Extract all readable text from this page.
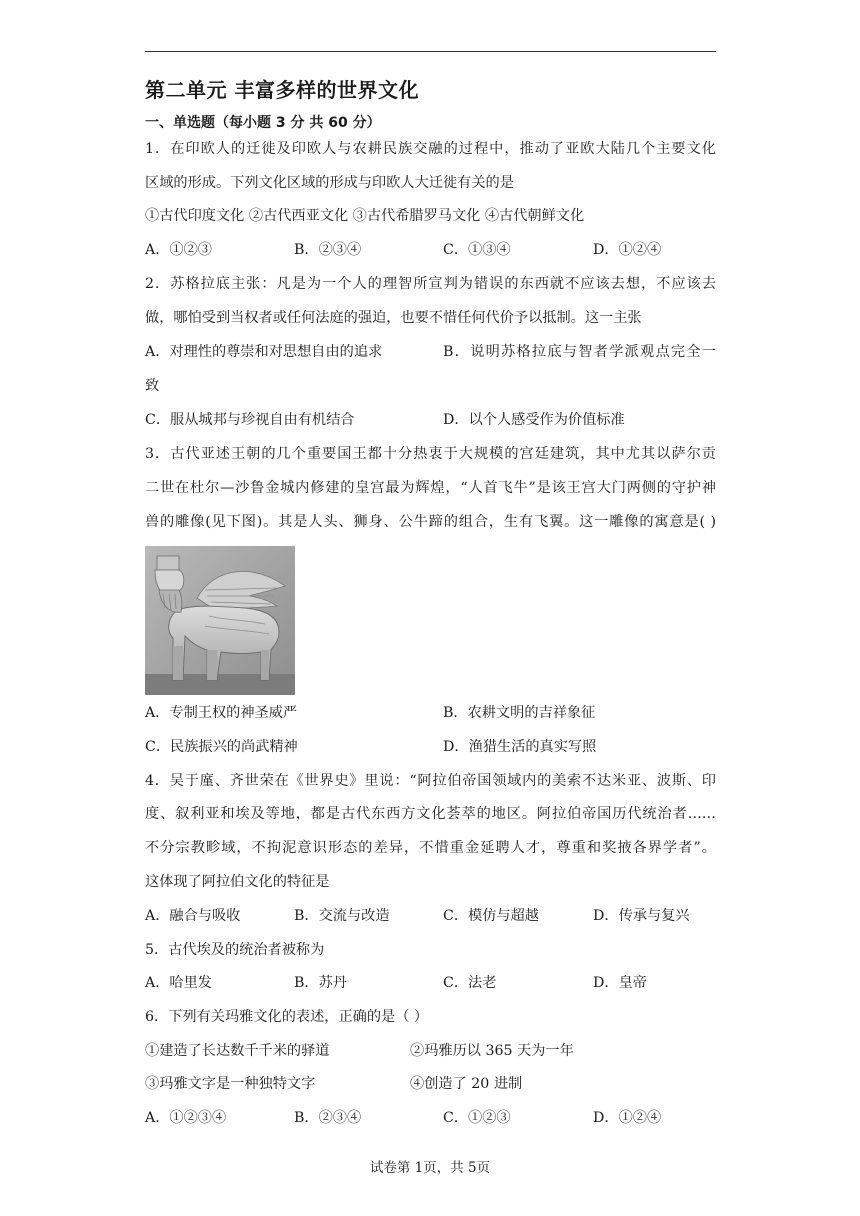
第二单元 丰富多样的世界文化
一、单选题（每小题 3 分 共 60 分）
1．在印欧人的迁徙及印欧人与农耕民族交融的过程中，推动了亚欧大陆几个主要文化
区域的形成。下列文化区域的形成与印欧人大迁徙有关的是
①古代印度文化 ②古代西亚文化 ③古代希腊罗马文化 ④古代朝鲜文化
A．①②③	B．②③④	C．①③④	D．①②④
2．苏格拉底主张：凡是为一个人的理智所宣判为错误的东西就不应该去想，不应该去
做，哪怕受到当权者或任何法庭的强迫，也要不惜任何代价予以抵制。这一主张
A．对理性的尊崇和对思想自由的追求	B．说明苏格拉底与智者学派观点完全一
致
C．服从城邦与珍视自由有机结合	D．以个人感受作为价值标准
3．古代亚述王朝的几个重要国王都十分热衷于大规模的宫廷建筑，其中尤其以萨尔贡
二世在杜尔—沙鲁金城内修建的皇宫最为辉煌，“人首飞牛”是该王宫大门两侧的守护神
兽的雕像(见下图)。其是人头、狮身、公牛蹄的组合，生有飞翼。这一雕像的寓意是( )
A．专制王权的神圣威严	B．农耕文明的吉祥象征
C．民族振兴的尚武精神	D．渔猎生活的真实写照
4．吴于廑、齐世荣在《世界史》里说：“阿拉伯帝国领域内的美索不达米亚、波斯、印
度、叙利亚和埃及等地，都是古代东西方文化荟萃的地区。阿拉伯帝国历代统治者……
不分宗教畛域，不拘泥意识形态的差异，不惜重金延聘人才，尊重和奖掖各界学者”。
这体现了阿拉伯文化的特征是
A．融合与吸收	B．交流与改造	C．模仿与超越	D．传承与复兴
5．古代埃及的统治者被称为
A．哈里发	B．苏丹	C．法老	D．皇帝
6．下列有关玛雅文化的表述，正确的是（ ）
①建造了长达数千千米的驿道	②玛雅历以 365 天为一年
③玛雅文字是一种独特文字	④创造了 20 进制
A．①②③④	B．②③④	C．①②③	D．①②④
试卷第 1页，共 5页
